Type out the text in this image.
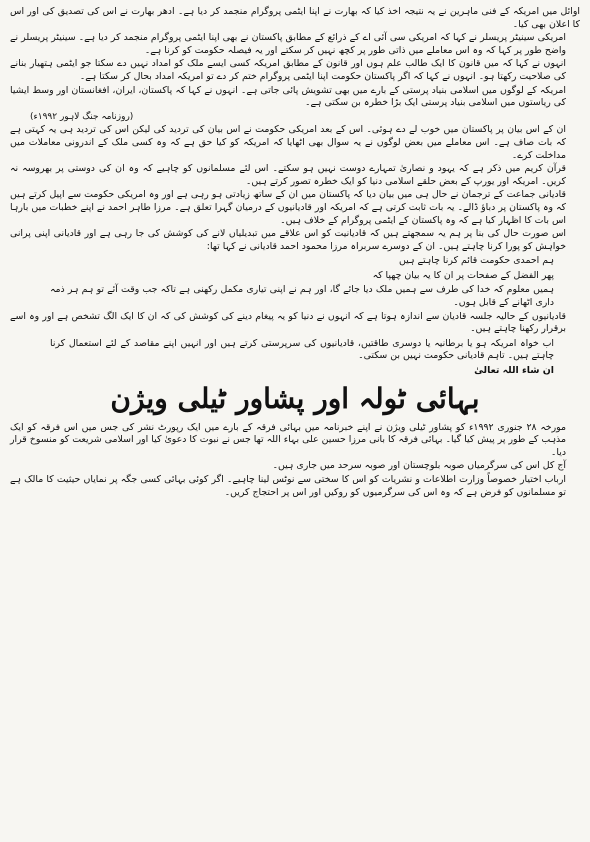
اوائل میں امریکہ کے فنی ماہرین نے یہ نتیجہ اخذ کیا کہ بھارت نے اپنا ایٹمی پروگرام منجمد کر دیا ہے۔ ادھر بھارت نے اس کی تصدیق کی اور اس کا اعلان بھی کیا۔

امریکی سینیٹر پریسلر نے کہا کہ امریکی سی آئی اے کے ذرائع کے مطابق پاکستان نے بھی اپنا ایٹمی پروگرام منجمد کر دیا ہے۔ سینیٹر پریسلر نے واضح طور پر کہا کہ وہ اس معاملے میں ذاتی طور پر کچھ نہیں کر سکتے اور یہ فیصلہ حکومت کو کرنا ہے۔

انہوں نے کہا کہ میں قانون کا ایک طالب علم ہوں اور قانون کے مطابق امریکہ کسی ایسے ملک کو امداد نہیں دے سکتا جو ایٹمی ہتھیار بنانے کی صلاحیت رکھتا ہو۔ انہوں نے کہا کہ اگر پاکستان حکومت اپنا ایٹمی پروگرام ختم کر دے تو امریکہ امداد بحال کر سکتا ہے۔

امریکہ کے لوگوں میں اسلامی بنیاد پرستی کے بارے میں بھی تشویش پائی جاتی ہے۔ انہوں نے کہا کہ پاکستان، ایران، افغانستان اور وسط ایشیا کی ریاستوں میں اسلامی بنیاد پرستی ایک بڑا خطرہ بن سکتی ہے۔

(روزنامہ جنگ لاہور ۱۹۹۲ء)

ان کے اس بیان پر پاکستان میں خوب لے دے ہوئی۔ اس کے بعد امریکی حکومت نے اس بیان کی تردید کی لیکن اس کی تردید ہی یہ کہتی ہے کہ بات صاف ہے۔ اس معاملے میں بعض لوگوں نے یہ سوال بھی اٹھایا کہ امریکہ کو کیا حق ہے کہ وہ کسی ملک کے اندرونی معاملات میں مداخلت کرے۔

قرآن کریم میں ذکر ہے کہ یہود و نصاریٰ تمہارے دوست نہیں ہو سکتے۔ اس لئے مسلمانوں کو چاہیے کہ وہ ان کی دوستی پر بھروسہ نہ کریں۔ امریکہ اور یورپ کے بعض حلقے اسلامی دنیا کو ایک خطرہ تصور کرتے ہیں۔

قادیانی جماعت کے ترجمان نے حال ہی میں بیان دیا کہ پاکستان میں ان کے ساتھ زیادتی ہو رہی ہے اور وہ امریکی حکومت سے اپیل کرتے ہیں کہ وہ پاکستان پر دباؤ ڈالے۔ یہ بات ثابت کرتی ہے کہ امریکہ اور قادیانیوں کے درمیان گہرا تعلق ہے۔ مرزا طاہر احمد نے اپنے خطبات میں بارہا اس بات کا اظہار کیا ہے کہ وہ پاکستان کے ایٹمی پروگرام کے خلاف ہیں۔

اس صورت حال کی بنا پر ہم یہ سمجھتے ہیں کہ قادیانیت کو اس علاقے میں تبدیلیاں لانے کی کوشش کی جا رہی ہے اور قادیانی اپنی پرانی خواہش کو پورا کرنا چاہتے ہیں۔ ان کے دوسرے سربراہ مرزا محمود احمد قادیانی نے کہا تھا:

ہم احمدی حکومت قائم کرنا چاہتے ہیں

پھر الفضل کے صفحات پر ان کا یہ بیان چھپا کہ

ہمیں معلوم کہ خدا کی طرف سے ہمیں ملک دیا جائے گا، اور ہم نے اپنی تیاری مکمل رکھنی ہے تاکہ جب وقت آئے تو ہم ہر ذمہ داری اٹھانے کے قابل ہوں۔

قادیانیوں کے حالیہ جلسہ قادیان سے اندازہ ہوتا ہے کہ انہوں نے دنیا کو یہ پیغام دینے کی کوشش کی کہ ان کا ایک الگ تشخص ہے اور وہ اسے برقرار رکھنا چاہتے ہیں۔

اب خواہ امریکہ ہو یا برطانیہ یا دوسری طاقتیں، قادیانیوں کی سرپرستی کرتے ہیں اور انہیں اپنے مقاصد کے لئے استعمال کرنا چاہتے ہیں۔ تاہم قادیانی حکومت نہیں بن سکتی۔

ان شاء اللہ تعالیٰ

بہائی ٹولہ اور پشاور ٹیلی ویژن

مورخہ ۲۸ جنوری ۱۹۹۲ء کو پشاور ٹیلی ویژن نے اپنے خبرنامہ میں بہائی فرقہ کے بارے میں ایک رپورٹ نشر کی جس میں اس فرقہ کو ایک مذہب کے طور پر پیش کیا گیا۔ بہائی فرقہ کا بانی مرزا حسین علی بہاء اللہ تھا جس نے نبوت کا دعویٰ کیا اور اسلامی شریعت کو منسوخ قرار دیا۔

آج کل اس کی سرگرمیاں صوبہ بلوچستان اور صوبہ سرحد میں جاری ہیں۔

ارباب اختیار خصوصاً وزارت اطلاعات و نشریات کو اس کا سختی سے نوٹس لینا چاہیے۔ اگر کوئی بہائی کسی جگہ پر نمایاں حیثیت کا مالک ہے تو مسلمانوں کو فرض ہے کہ وہ اس کی سرگرمیوں کو روکیں اور اس پر احتجاج کریں۔
